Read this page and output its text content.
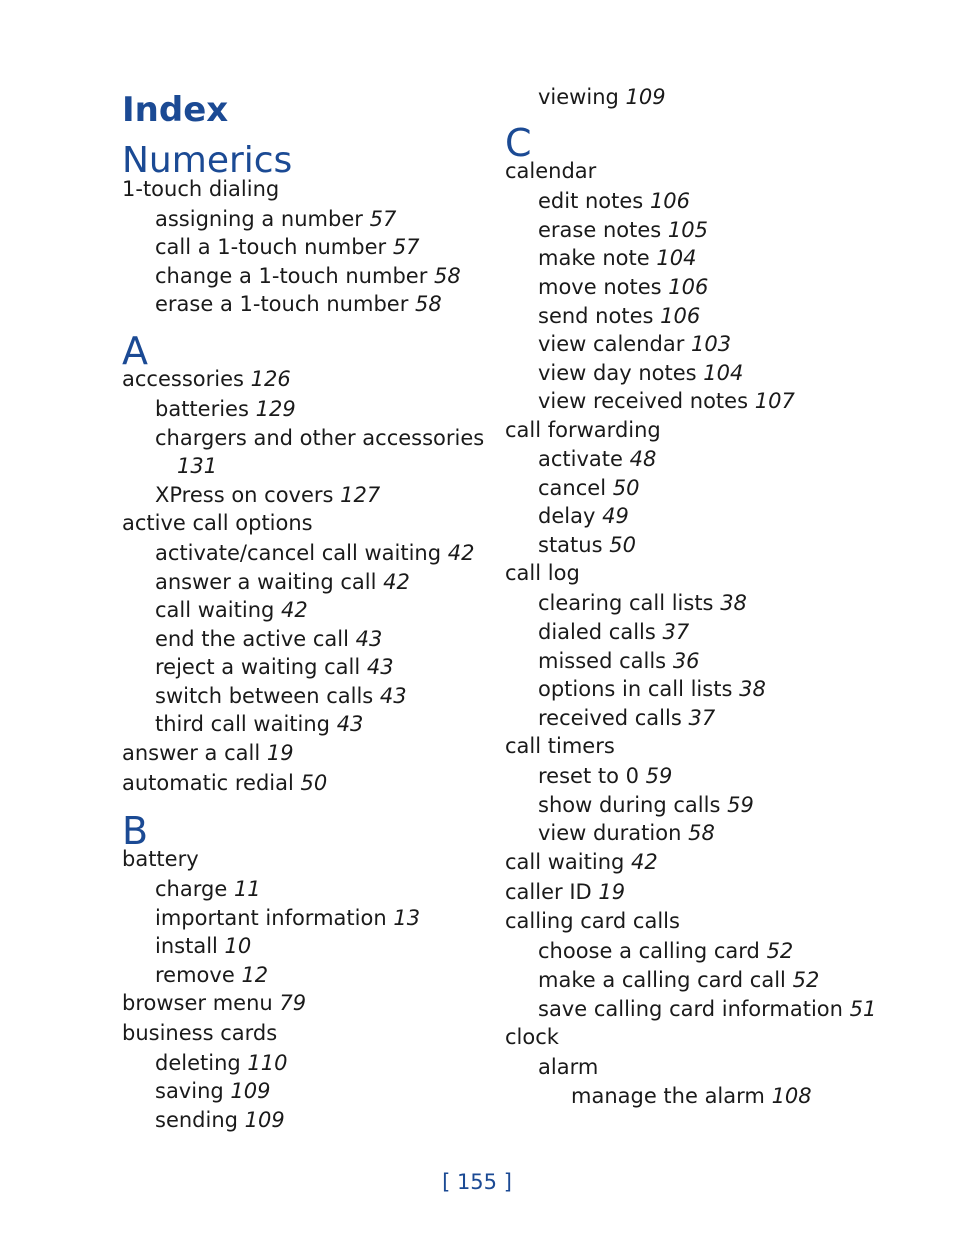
Index
Numerics
1-touch dialing
assigning a number 57
call a 1-touch number 57
change a 1-touch number 58
erase a 1-touch number 58
A
accessories 126
batteries 129
chargers and other accessories
131
XPress on covers 127
active call options
activate/cancel call waiting 42
answer a waiting call 42
call waiting 42
end the active call 43
reject a waiting call 43
switch between calls 43
third call waiting 43
answer a call 19
automatic redial 50
B
battery
charge 11
important information 13
install 10
remove 12
browser menu 79
business cards
deleting 110
saving 109
sending 109
viewing 109
C
calendar
edit notes 106
erase notes 105
make note 104
move notes 106
send notes 106
view calendar 103
view day notes 104
view received notes 107
call forwarding
activate 48
cancel 50
delay 49
status 50
call log
clearing call lists 38
dialed calls 37
missed calls 36
options in call lists 38
received calls 37
call timers
reset to 0 59
show during calls 59
view duration 58
call waiting 42
caller ID 19
calling card calls
choose a calling card 52
make a calling card call 52
save calling card information 51
clock
alarm
manage the alarm 108
[ 155 ]
